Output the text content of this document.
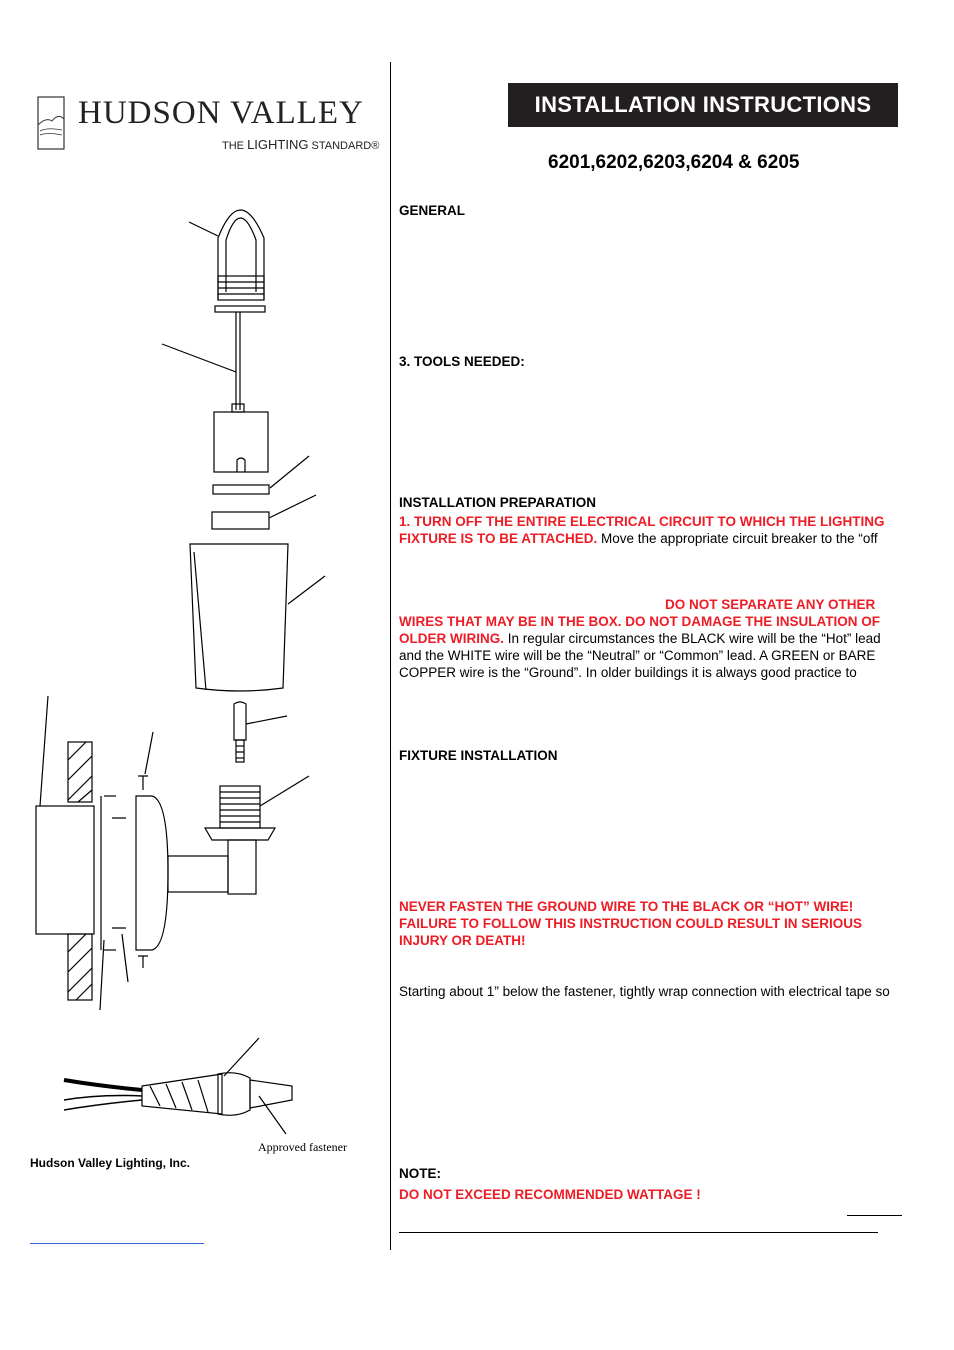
HUDSON VALLEY
THE LIGHTING STANDARD®
INSTALLATION INSTRUCTIONS
6201,6202,6203,6204 & 6205
GENERAL
3. TOOLS NEEDED:
INSTALLATION PREPARATION
1. TURN OFF THE ENTIRE ELECTRICAL CIRCUIT TO WHICH THE LIGHTING
FIXTURE IS TO BE ATTACHED. Move the appropriate circuit breaker to the “off
DO NOT SEPARATE ANY OTHER
WIRES THAT MAY BE IN THE BOX. DO NOT DAMAGE THE INSULATION OF
OLDER WIRING. In regular circumstances the BLACK wire will be the “Hot” lead
and the WHITE wire will be the “Neutral” or “Common” lead. A GREEN or BARE
COPPER wire is the “Ground”. In older buildings it is always good practice to
FIXTURE INSTALLATION
NEVER FASTEN THE GROUND WIRE TO THE BLACK OR “HOT” WIRE!
FAILURE TO FOLLOW THIS INSTRUCTION COULD RESULT IN SERIOUS
INJURY OR DEATH!
Starting about 1” below the fastener, tightly wrap connection with electrical tape so
NOTE:
DO NOT EXCEED RECOMMENDED WATTAGE !
Hudson Valley Lighting, Inc.
Approved fastener
